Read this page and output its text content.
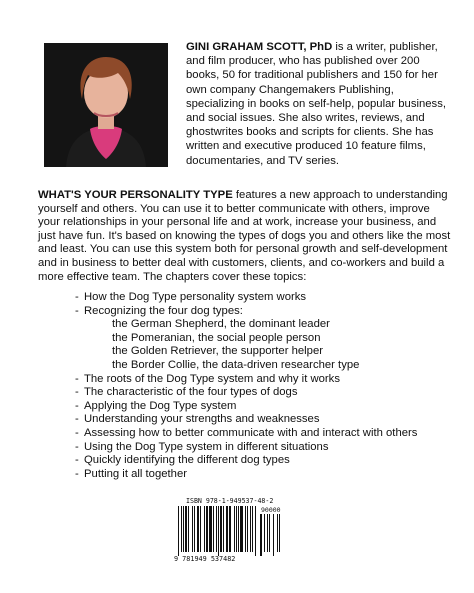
GINI GRAHAM SCOTT, PhD is a writer, publisher, and film producer, who has published over 200 books, 50 for traditional publishers and 150 for her own company Changemakers Publishing, specializing in books on self-help, popular business, and social issues. She also writes, reviews, and ghostwrites books and scripts for clients. She has written and executive produced 10 feature films, documentaries, and TV series.

WHAT'S YOUR PERSONALITY TYPE features a new approach to understanding yourself and others. You can use it to better communicate with others, improve your relationships in your personal life and at work, increase your business, and just have fun. It's based on knowing the types of dogs you and others like the most and least. You can use this system both for personal growth and self-development and in business to better deal with customers, clients, and co-workers and build a more effective team. The chapters cover these topics:

- How the Dog Type personality system works
- Recognizing the four dog types:
the German Shepherd, the dominant leader
the Pomeranian, the social people person
the Golden Retriever, the supporter helper
the Border Collie, the data-driven researcher type
- The roots of the Dog Type system and why it works
- The characteristic of the four types of dogs
- Applying the Dog Type system
- Understanding your strengths and weaknesses
- Assessing how to better communicate with and interact with others
- Using the Dog Type system in different situations
- Quickly identifying the different dog types
- Putting it all together
ISBN 978-1-949537-48-2
90000
9 781949 537482
